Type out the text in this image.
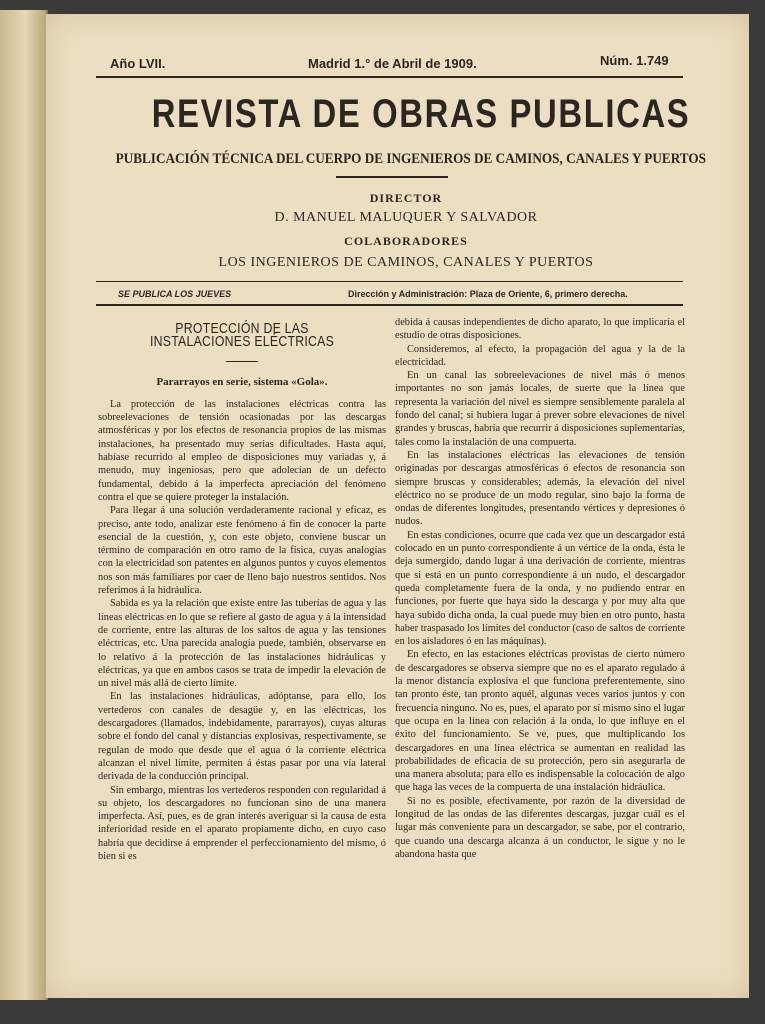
Año LVII.	Madrid 1.° de Abril de 1909.	Núm. 1.749
REVISTA DE OBRAS PUBLICAS
PUBLICACIÓN TÉCNICA DEL CUERPO DE INGENIEROS DE CAMINOS, CANALES Y PUERTOS
DIRECTOR
D. MANUEL MALUQUER Y SALVADOR
COLABORADORES
LOS INGENIEROS DE CAMINOS, CANALES Y PUERTOS
SE PUBLICA LOS JUEVES	Dirección y Administración: Plaza de Oriente, 6, primero derecha.
PROTECCIÓN DE LAS INSTALACIONES ELÉCTRICAS
Pararrayos en serie, sistema «Gola».

La protección de las instalaciones eléctricas contra las sobreelevaciones de tensión ocasionadas por las descargas atmosféricas y por los efectos de resonancia propios de las mismas instalaciones, ha presentado muy serias dificultades. Hasta aquí, habíase recurrido al empleo de disposiciones muy variadas y, á menudo, muy ingeniosas, pero que adolecían de un defecto fundamental, debido á la imperfecta apreciación del fenómeno contra el que se quiere proteger la instalación.

Para llegar á una solución verdaderamente racional y eficaz, es preciso, ante todo, analizar este fenómeno á fin de conocer la parte esencial de la cuestión, y, con este objeto, conviene buscar un término de comparación en otro ramo de la física, cuyas analogías con la electricidad son patentes en algunos puntos y cuyos elementos nos son más familiares por caer de lleno bajo nuestros sentidos. Nos referimos á la hidráulica.

Sabida es ya la relación que existe entre las tuberías de agua y las líneas eléctricas en lo que se refiere al gasto de agua y á la intensidad de corriente, entre las alturas de los saltos de agua y las tensiones eléctricas, etc. Una parecida analogía puede, también, observarse en lo relativo á la protección de las instalaciones hidráulicas y eléctricas, ya que en ambos casos se trata de impedir la elevación de un nivel más allá de cierto límite.

En las instalaciones hidráulicas, adóptanse, para ello, los vertederos con canales de desagüe y, en las eléctricas, los descargadores (llamados, indebidamente, pararrayos), cuyas alturas sobre el fondo del canal y distancias explosivas, respectivamente, se regulan de modo que desde que el agua ó la corriente eléctrica alcanzan el nivel límite, permiten á éstas pasar por una vía lateral derivada de la conducción principal.

Sin embargo, mientras los vertederos responden con regularidad á su objeto, los descargadores no funcionan sino de una manera imperfecta. Así, pues, es de gran interés averiguar si la causa de esta inferioridad reside en el aparato propiamente dicho, en cuyo caso habría que decidirse á emprender el perfeccionamiento del mismo, ó bien si es

debida á causas independientes de dicho aparato, lo que implicaría el estudio de otras disposiciones.

Consideremos, al efecto, la propagación del agua y la de la electricidad.

En un canal las sobreelevaciones de nivel más ó menos importantes no son jamás locales, de suerte que la línea que representa la variación del nivel es siempre sensiblemente paralela al fondo del canal; si hubiera lugar á prever sobre elevaciones de nivel grandes y bruscas, habría que recurrir á disposiciones suplementarias, tales como la instalación de una compuerta.

En las instalaciones eléctricas las elevaciones de tensión originadas por descargas atmosféricas ó efectos de resonancia son siempre bruscas y considerables; además, la elevación del nivel eléctrico no se produce de un modo regular, sino bajo la forma de ondas de diferentes longitudes, presentando vértices y depresiones ó nudos.

En estas condiciones, ocurre que cada vez que un descargador está colocado en un punto correspondiente á un vértice de la onda, ésta le deja sumergido, dando lugar á una derivación de corriente, mientras que si está en un punto correspondiente á un nudo, el descargador queda completamente fuera de la onda, y no pudiendo entrar en funciones, por fuerte que haya sido la descarga y por muy alta que haya subido dicha onda, la cual puede muy bien en otro punto, hasta haber traspasado los límites del conductor (caso de saltos de corriente en los aisladores ó en las máquinas).

En efecto, en las estaciones eléctricas provistas de cierto número de descargadores se observa siempre que no es el aparato regulado á la menor distancia explosiva el que funciona preferentemente, sino tan pronto éste, tan pronto aquél, algunas veces varios juntos y con frecuencia ninguno. No es, pues, el aparato por sí mismo sino el lugar que ocupa en la línea con relación á la onda, lo que influye en el éxito del funcionamiento. Se ve, pues, que multiplicando los descargadores en una línea eléctrica se aumentan en realidad las probabilidades de eficacia de su protección, pero sin asegurarla de una manera absoluta; para ello es indispensable la colocación de algo que haga las veces de la compuerta de una instalación hidráulica.

Si no es posible, efectivamente, por razón de la diversidad de longitud de las ondas de las diferentes descargas, juzgar cuál es el lugar más conveniente para un descargador, se sabe, por el contrario, que cuando una descarga alcanza á un conductor, le sigue y no le abandona hasta que
